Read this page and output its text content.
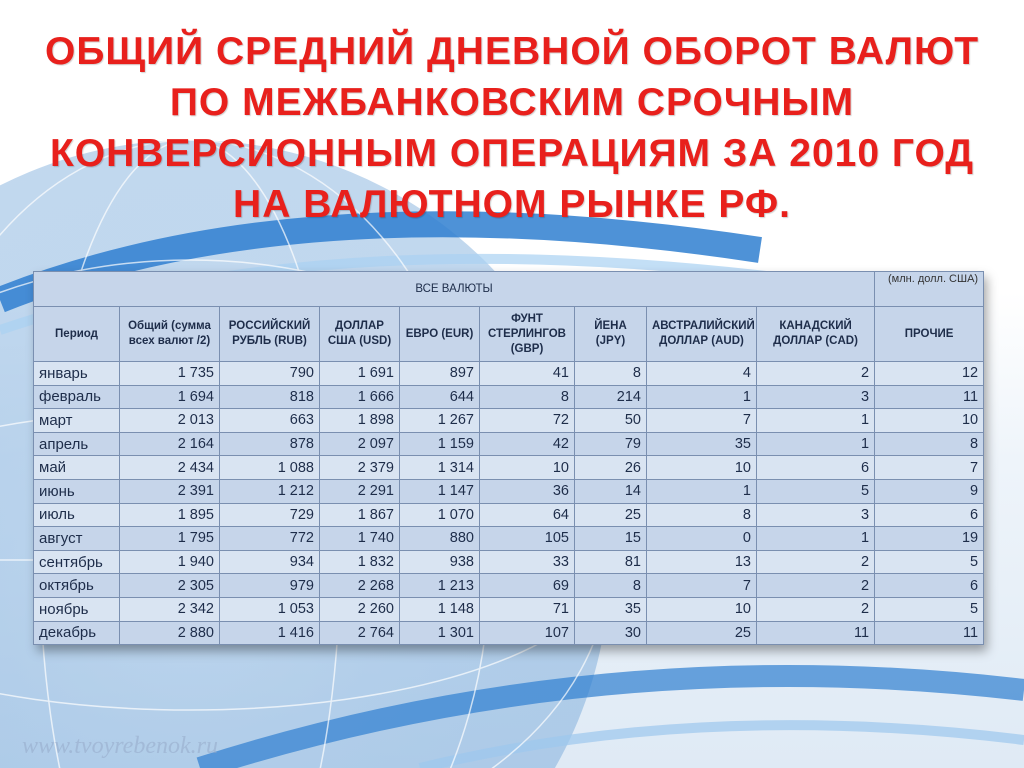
ОБЩИЙ СРЕДНИЙ ДНЕВНОЙ ОБОРОТ ВАЛЮТ
ПО МЕЖБАНКОВСКИМ СРОЧНЫМ
КОНВЕРСИОННЫМ ОПЕРАЦИЯМ ЗА 2010 ГОД
НА ВАЛЮТНОМ РЫНКЕ РФ.
ВСЕ ВАЛЮТЫ									(млн. долл. США)
Период	Общий (сумма всех валют /2)	РОССИЙСКИЙ РУБЛЬ (RUB)	ДОЛЛАР США (USD)	ЕВРО (EUR)	ФУНТ СТЕРЛИНГОВ (GBP)	ЙЕНА (JPY)	АВСТРАЛИЙСКИЙ ДОЛЛАР (AUD)	КАНАДСКИЙ ДОЛЛАР (CAD)	ПРОЧИЕ
январь	1 735	790	1 691	897	41	8	4	2	12
февраль	1 694	818	1 666	644	8	214	1	3	11
март	2 013	663	1 898	1 267	72	50	7	1	10
апрель	2 164	878	2 097	1 159	42	79	35	1	8
май	2 434	1 088	2 379	1 314	10	26	10	6	7
июнь	2 391	1 212	2 291	1 147	36	14	1	5	9
июль	1 895	729	1 867	1 070	64	25	8	3	6
август	1 795	772	1 740	880	105	15	0	1	19
сентябрь	1 940	934	1 832	938	33	81	13	2	5
октябрь	2 305	979	2 268	1 213	69	8	7	2	6
ноябрь	2 342	1 053	2 260	1 148	71	35	10	2	5
декабрь	2 880	1 416	2 764	1 301	107	30	25	11	11
www.tvoyrebenok.ru
